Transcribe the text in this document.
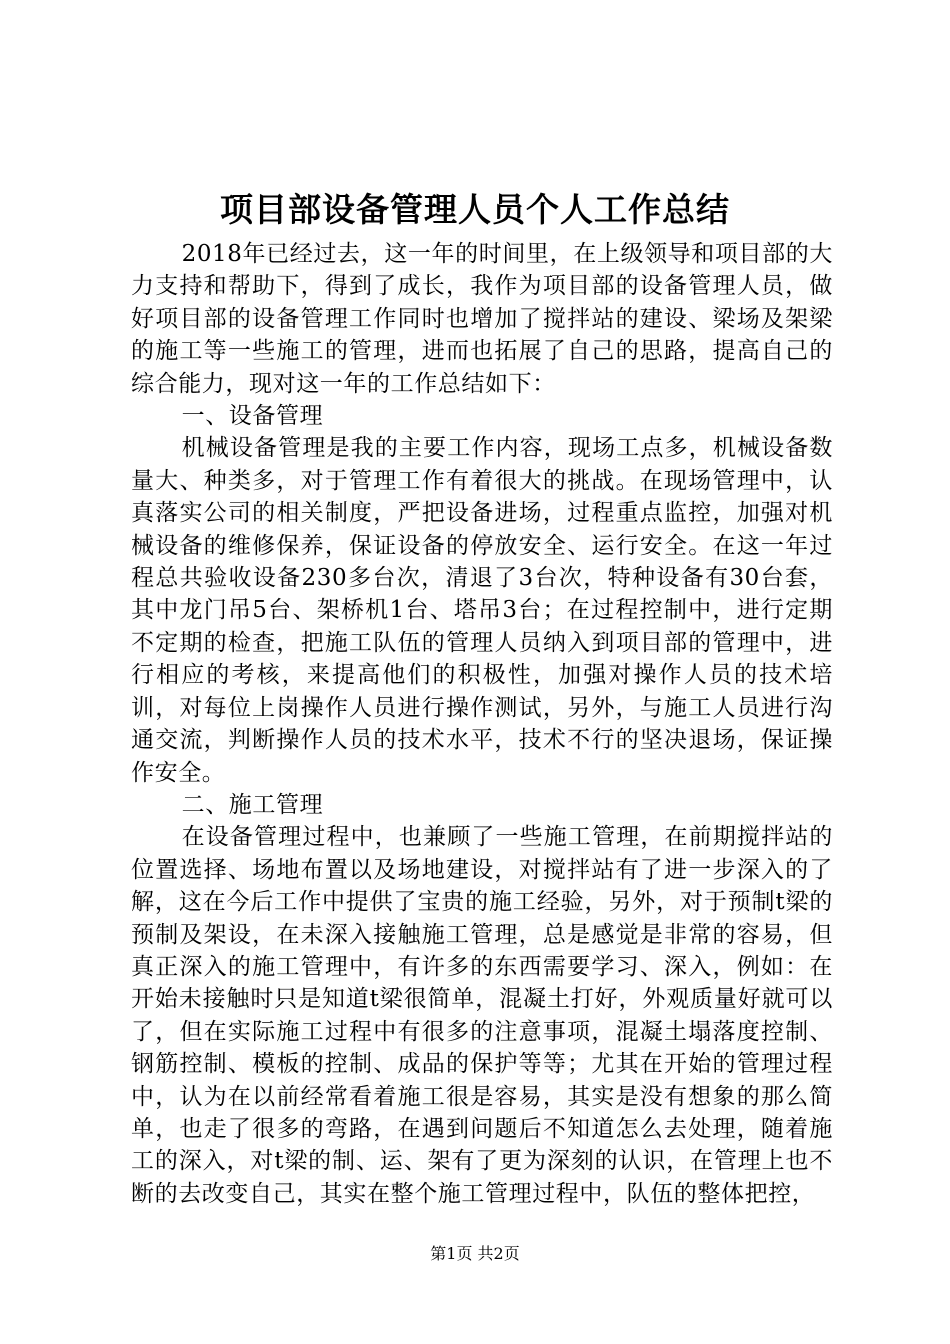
项目部设备管理人员个人工作总结

2018年已经过去，这一年的时间里，在上级领导和项目部的大力支持和帮助下，得到了成长，我作为项目部的设备管理人员，做好项目部的设备管理工作同时也增加了搅拌站的建设、梁场及架梁的施工等一些施工的管理，进而也拓展了自己的思路，提高自己的综合能力，现对这一年的工作总结如下：

一、设备管理

机械设备管理是我的主要工作内容，现场工点多，机械设备数量大、种类多，对于管理工作有着很大的挑战。在现场管理中，认真落实公司的相关制度，严把设备进场，过程重点监控，加强对机械设备的维修保养，保证设备的停放安全、运行安全。在这一年过程总共验收设备230多台次，清退了3台次，特种设备有30台套，其中龙门吊5台、架桥机1台、塔吊3台；在过程控制中，进行定期不定期的检查，把施工队伍的管理人员纳入到项目部的管理中，进行相应的考核，来提高他们的积极性，加强对操作人员的技术培训，对每位上岗操作人员进行操作测试，另外，与施工人员进行沟通交流，判断操作人员的技术水平，技术不行的坚决退场，保证操作安全。

二、施工管理

在设备管理过程中，也兼顾了一些施工管理，在前期搅拌站的位置选择、场地布置以及场地建设，对搅拌站有了进一步深入的了解，这在今后工作中提供了宝贵的施工经验，另外，对于预制t梁的预制及架设，在未深入接触施工管理，总是感觉是非常的容易，但真正深入的施工管理中，有许多的东西需要学习、深入，例如：在开始未接触时只是知道t梁很简单，混凝土打好，外观质量好就可以了，但在实际施工过程中有很多的注意事项，混凝土塌落度控制、钢筋控制、模板的控制、成品的保护等等；尤其在开始的管理过程中，认为在以前经常看着施工很是容易，其实是没有想象的那么简单，也走了很多的弯路，在遇到问题后不知道怎么去处理，随着施工的深入，对t梁的制、运、架有了更为深刻的认识，在管理上也不断的去改变自己，其实在整个施工管理过程中，队伍的整体把控，

第1页 共2页
